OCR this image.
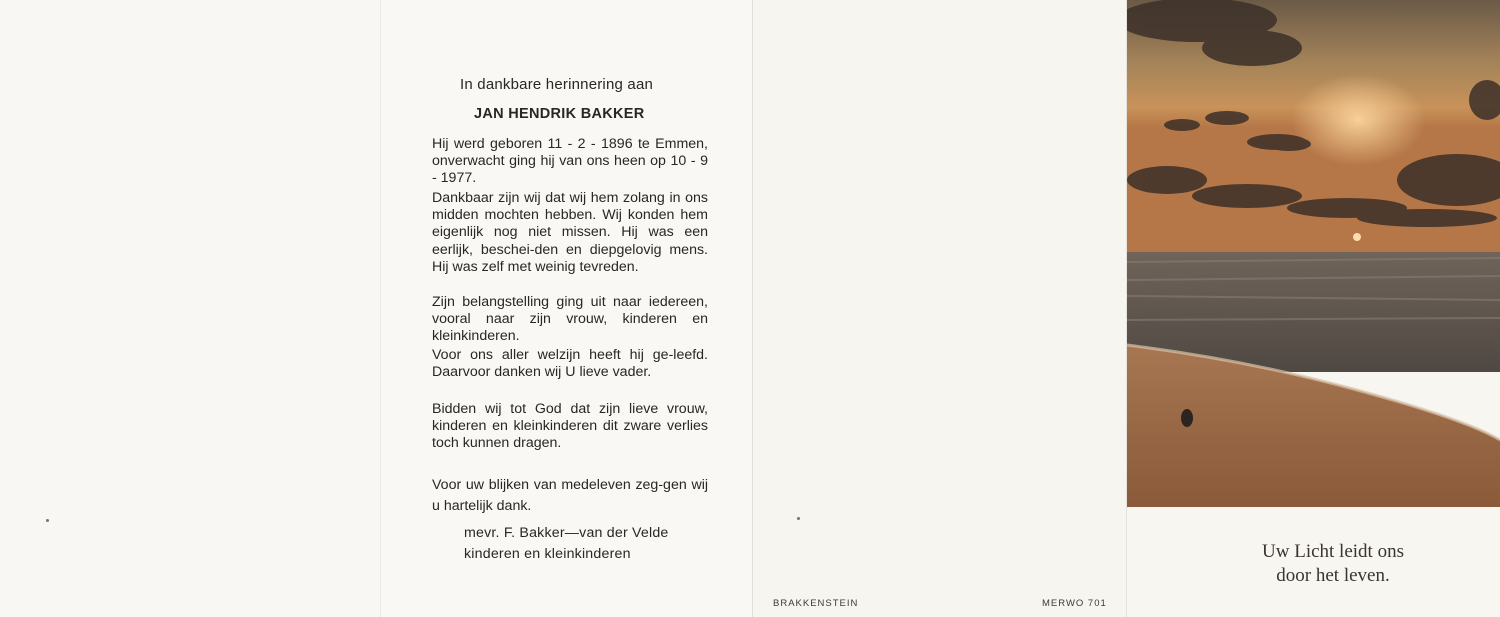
In dankbare herinnering aan
JAN HENDRIK BAKKER
Hij werd geboren 11 - 2 - 1896 te Emmen, onverwacht ging hij van ons heen op 10 - 9 - 1977.
Dankbaar zijn wij dat wij hem zolang in ons midden mochten hebben. Wij konden hem eigenlijk nog niet missen. Hij was een eerlijk, beschei-den en diepgelovig mens. Hij was zelf met weinig tevreden.
Zijn belangstelling ging uit naar iedereen, vooral naar zijn vrouw, kinderen en kleinkinderen.
Voor ons aller welzijn heeft hij ge-leefd. Daarvoor danken wij U lieve vader.
Bidden wij tot God dat zijn lieve vrouw, kinderen en kleinkinderen dit zware verlies toch kunnen dragen.
Voor uw blijken van medeleven zeg-gen wij u hartelijk dank.
mevr. F. Bakker—van der Velde
kinderen en kleinkinderen
BRAKKENSTEIN	MERWO 701
Uw Licht leidt ons
door het leven.
